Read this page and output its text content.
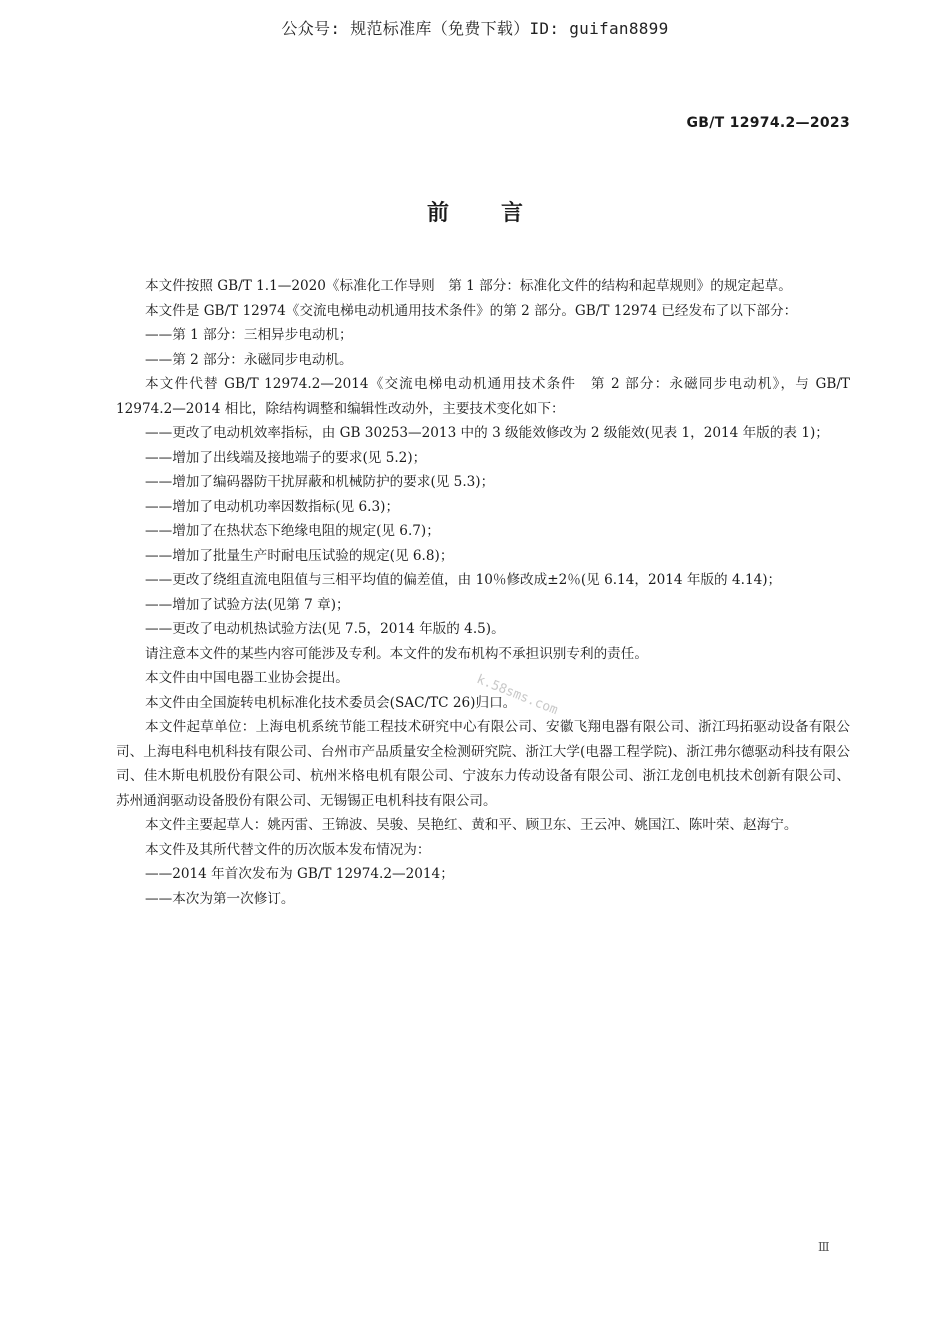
公众号: 规范标准库（免费下载）ID: guifan8899
GB/T 12974.2—2023
前言

本文件按照 GB/T 1.1—2020《标准化工作导则　第 1 部分：标准化文件的结构和起草规则》的规定起草。

本文件是 GB/T 12974《交流电梯电动机通用技术条件》的第 2 部分。GB/T 12974 已经发布了以下部分：

——第 1 部分：三相异步电动机；

——第 2 部分：永磁同步电动机。

本文件代替 GB/T 12974.2—2014《交流电梯电动机通用技术条件　第 2 部分：永磁同步电动机》，与 GB/T 12974.2—2014 相比，除结构调整和编辑性改动外，主要技术变化如下：

——更改了电动机效率指标，由 GB 30253—2013 中的 3 级能效修改为 2 级能效(见表 1，2014 年版的表 1)；

——增加了出线端及接地端子的要求(见 5.2)；

——增加了编码器防干扰屏蔽和机械防护的要求(见 5.3)；

——增加了电动机功率因数指标(见 6.3)；

——增加了在热状态下绝缘电阻的规定(见 6.7)；

——增加了批量生产时耐电压试验的规定(见 6.8)；

——更改了绕组直流电阻值与三相平均值的偏差值，由 10％修改成±2％(见 6.14，2014 年版的 4.14)；

——增加了试验方法(见第 7 章)；

——更改了电动机热试验方法(见 7.5，2014 年版的 4.5)。

请注意本文件的某些内容可能涉及专利。本文件的发布机构不承担识别专利的责任。

本文件由中国电器工业协会提出。

本文件由全国旋转电机标准化技术委员会(SAC/TC 26)归口。

本文件起草单位：上海电机系统节能工程技术研究中心有限公司、安徽飞翔电器有限公司、浙江玛拓驱动设备有限公司、上海电科电机科技有限公司、台州市产品质量安全检测研究院、浙江大学(电器工程学院)、浙江弗尔德驱动科技有限公司、佳木斯电机股份有限公司、杭州米格电机有限公司、宁波东力传动设备有限公司、浙江龙创电机技术创新有限公司、苏州通润驱动设备股份有限公司、无锡锡正电机科技有限公司。

本文件主要起草人：姚丙雷、王锦波、吴骏、吴艳红、黄和平、顾卫东、王云冲、姚国江、陈叶荣、赵海宁。

本文件及其所代替文件的历次版本发布情况为：

——2014 年首次发布为 GB/T 12974.2—2014；

——本次为第一次修订。

k.58sms.com
Ⅲ
